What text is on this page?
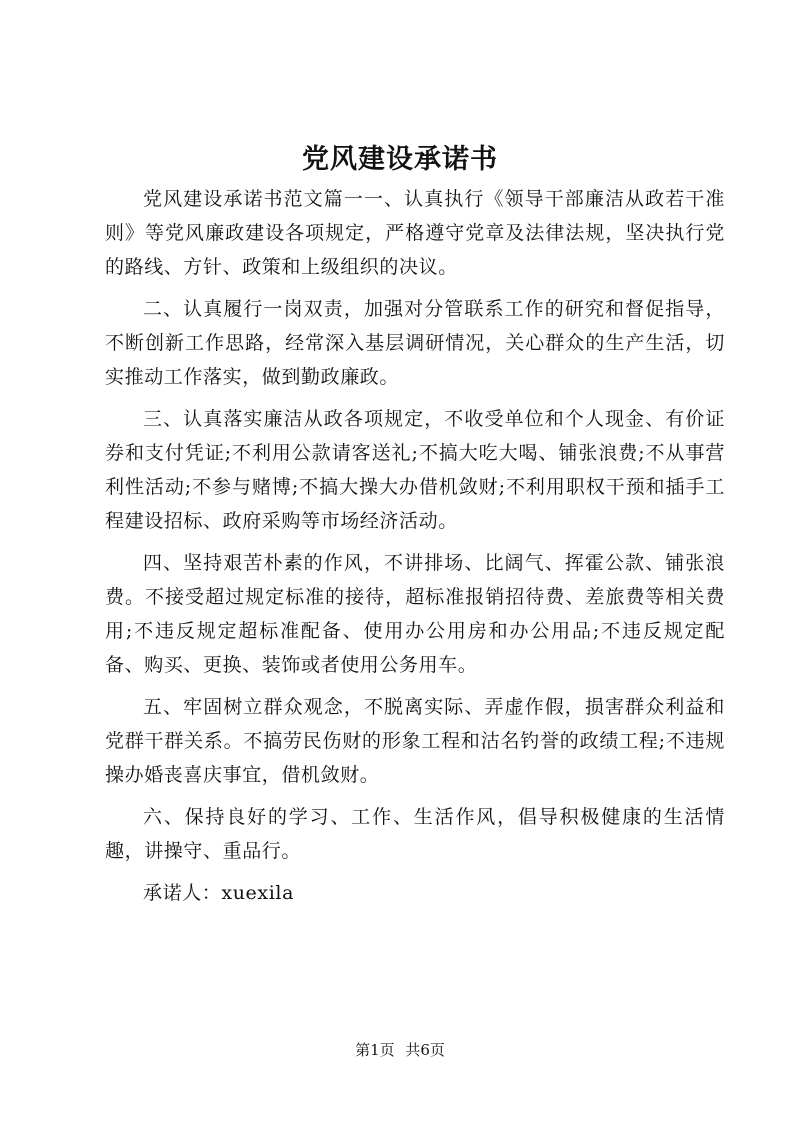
党风建设承诺书

党风建设承诺书范文篇一一、认真执行《领导干部廉洁从政若干准则》等党风廉政建设各项规定，严格遵守党章及法律法规，坚决执行党的路线、方针、政策和上级组织的决议。

二、认真履行一岗双责，加强对分管联系工作的研究和督促指导，不断创新工作思路，经常深入基层调研情况，关心群众的生产生活，切实推动工作落实，做到勤政廉政。

三、认真落实廉洁从政各项规定，不收受单位和个人现金、有价证券和支付凭证;不利用公款请客送礼;不搞大吃大喝、铺张浪费;不从事营利性活动;不参与赌博;不搞大操大办借机敛财;不利用职权干预和插手工程建设招标、政府采购等市场经济活动。

四、坚持艰苦朴素的作风，不讲排场、比阔气、挥霍公款、铺张浪费。不接受超过规定标准的接待，超标准报销招待费、差旅费等相关费用;不违反规定超标准配备、使用办公用房和办公用品;不违反规定配备、购买、更换、装饰或者使用公务用车。

五、牢固树立群众观念，不脱离实际、弄虚作假，损害群众利益和党群干群关系。不搞劳民伤财的形象工程和沽名钓誉的政绩工程;不违规操办婚丧喜庆事宜，借机敛财。

六、保持良好的学习、工作、生活作风，倡导积极健康的生活情趣，讲操守、重品行。

承诺人：xuexila

第1页 共6页
